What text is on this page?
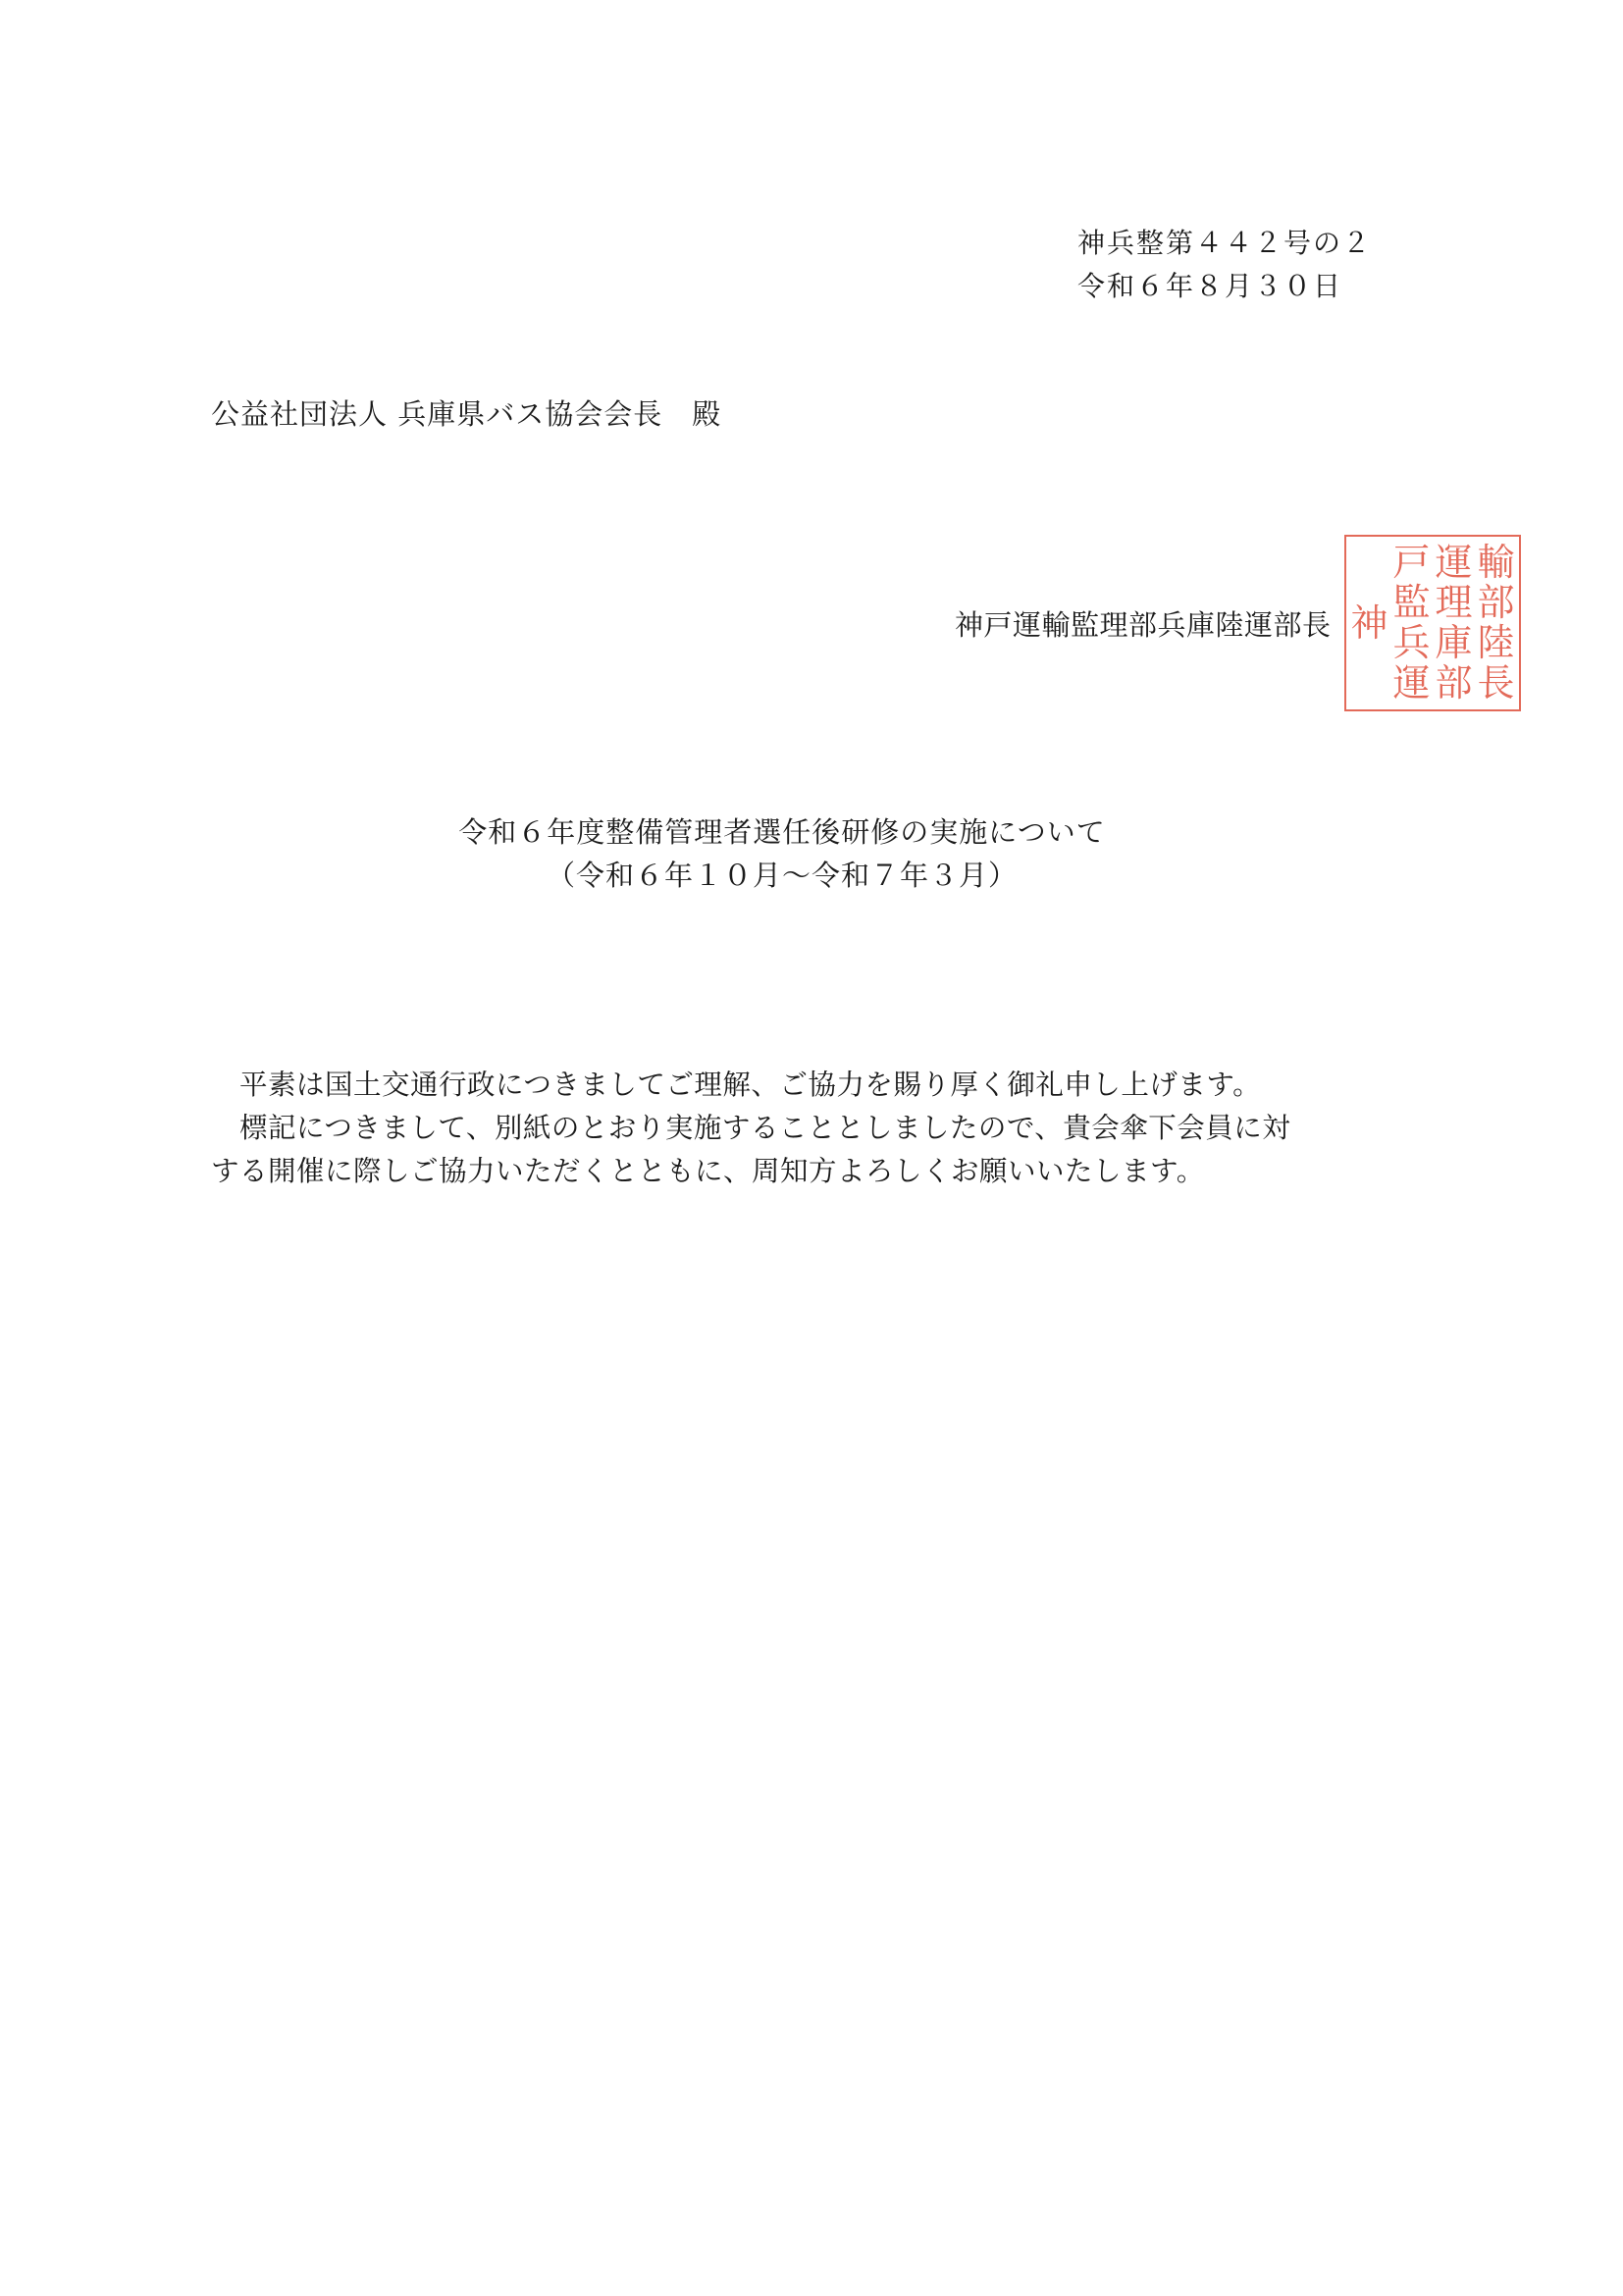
神兵整第４４２号の２
令和６年８月３０日
公益社団法人 兵庫県バス協会会長　殿
神戸運輸監理部兵庫陸運部長
輸
部
陸
長
運
理
庫
部
戸
監
兵
運
神
令和６年度整備管理者選任後研修の実施について
（令和６年１０月～令和７年３月）
　平素は国土交通行政につきましてご理解、ご協力を賜り厚く御礼申し上げます。
　標記につきまして、別紙のとおり実施することとしましたので、貴会傘下会員に対
する開催に際しご協力いただくとともに、周知方よろしくお願いいたします。
